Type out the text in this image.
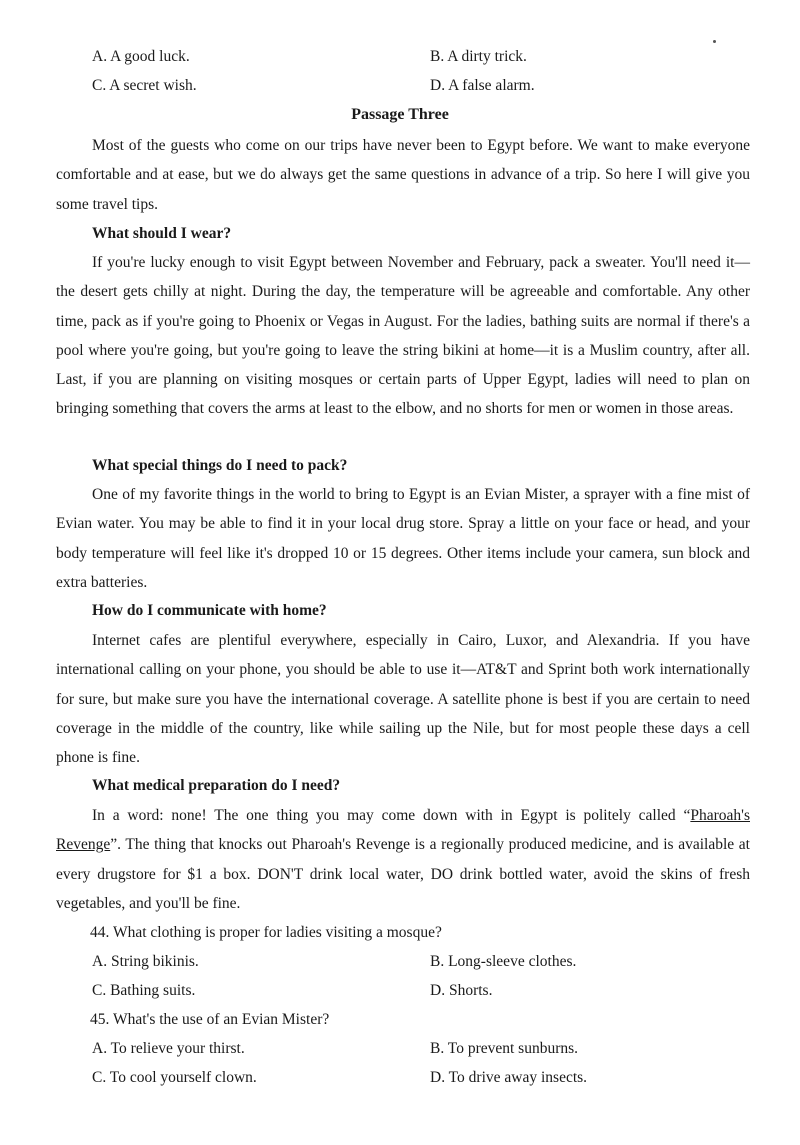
A. A good luck.	B. A dirty trick.
C. A secret wish.	D. A false alarm.
Passage Three

Most of the guests who come on our trips have never been to Egypt before. We want to make everyone comfortable and at ease, but we do always get the same questions in advance of a trip. So here I will give you some travel tips.

What should I wear?

If you're lucky enough to visit Egypt between November and February, pack a sweater. You'll need it—the desert gets chilly at night. During the day, the temperature will be agreeable and comfortable. Any other time, pack as if you're going to Phoenix or Vegas in August. For the ladies, bathing suits are normal if there's a pool where you're going, but you're going to leave the string bikini at home—it is a Muslim country, after all. Last, if you are planning on visiting mosques or certain parts of Upper Egypt, ladies will need to plan on bringing something that covers the arms at least to the elbow, and no shorts for men or women in those areas.

What special things do I need to pack?

One of my favorite things in the world to bring to Egypt is an Evian Mister, a sprayer with a fine mist of Evian water. You may be able to find it in your local drug store. Spray a little on your face or head, and your body temperature will feel like it's dropped 10 or 15 degrees. Other items include your camera, sun block and extra batteries.

How do I communicate with home?

Internet cafes are plentiful everywhere, especially in Cairo, Luxor, and Alexandria. If you have international calling on your phone, you should be able to use it—AT&T and Sprint both work internationally for sure, but make sure you have the international coverage. A satellite phone is best if you are certain to need coverage in the middle of the country, like while sailing up the Nile, but for most people these days a cell phone is fine.

What medical preparation do I need?

In a word: none! The one thing you may come down with in Egypt is politely called “Pharoah's Revenge”. The thing that knocks out Pharoah's Revenge is a regionally produced medicine, and is available at every drugstore for $1 a box. DON'T drink local water, DO drink bottled water, avoid the skins of fresh vegetables, and you'll be fine.

44. What clothing is proper for ladies visiting a mosque?
A. String bikinis.	B. Long-sleeve clothes.
C. Bathing suits.	D. Shorts.
45. What's the use of an Evian Mister?
A. To relieve your thirst.	B. To prevent sunburns.
C. To cool yourself clown.	D. To drive away insects.
